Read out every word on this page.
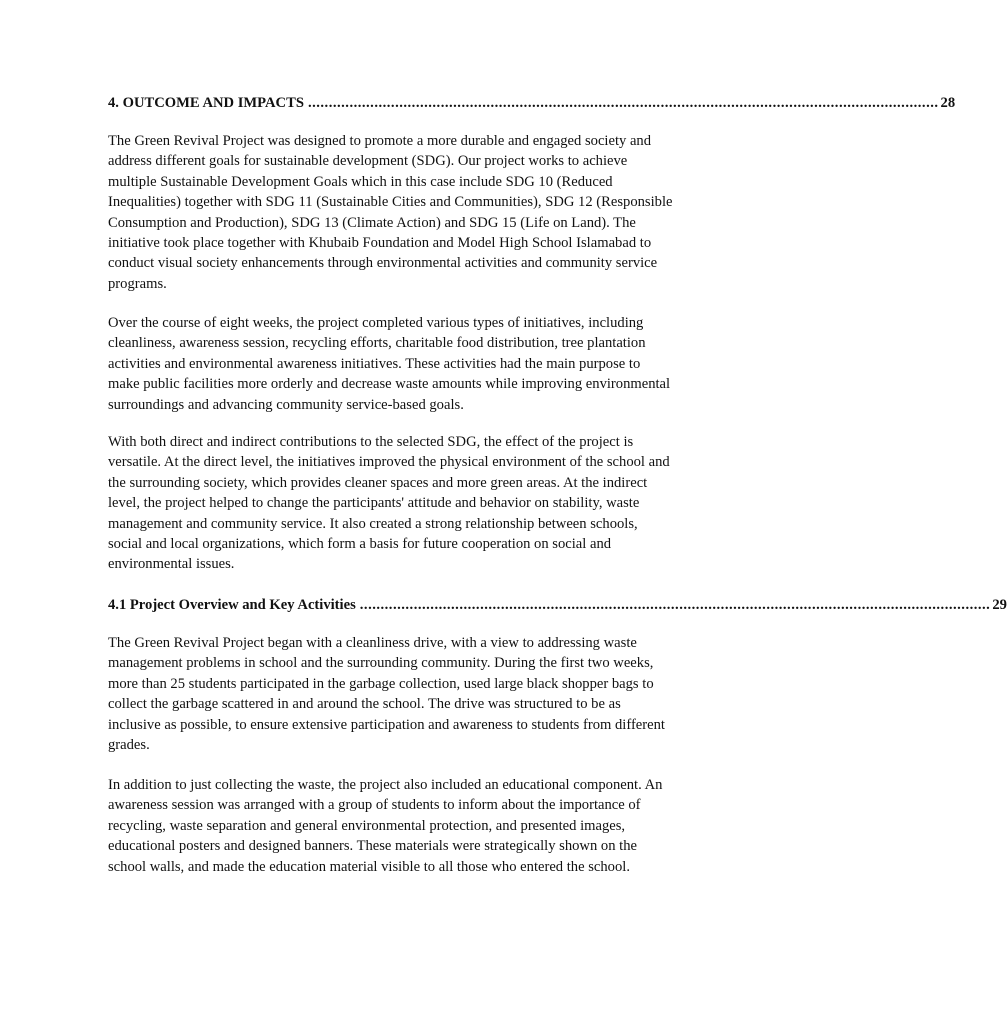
4. OUTCOME AND IMPACTS ........................................................................................................................................................ 28

The Green Revival Project was designed to promote a more durable and engaged society and address different goals for sustainable development (SDG). Our project works to achieve multiple Sustainable Development Goals which in this case include SDG 10 (Reduced Inequalities) together with SDG 11 (Sustainable Cities and Communities), SDG 12 (Responsible Consumption and Production), SDG 13 (Climate Action) and SDG 15 (Life on Land). The initiative took place together with Khubaib Foundation and Model High School Islamabad to conduct visual society enhancements through environmental activities and community service programs.

Over the course of eight weeks, the project completed various types of initiatives, including cleanliness, awareness session, recycling efforts, charitable food distribution, tree plantation activities and environmental awareness initiatives. These activities had the main purpose to make public facilities more orderly and decrease waste amounts while improving environmental surroundings and advancing community service-based goals.

With both direct and indirect contributions to the selected SDG, the effect of the project is versatile. At the direct level, the initiatives improved the physical environment of the school and the surrounding society, which provides cleaner spaces and more green areas. At the indirect level, the project helped to change the participants' attitude and behavior on stability, waste management and community service. It also created a strong relationship between schools, social and local organizations, which form a basis for future cooperation on social and environmental issues.

4.1 Project Overview and Key Activities ........................................................................................................................................................ 29

The Green Revival Project began with a cleanliness drive, with a view to addressing waste management problems in school and the surrounding community. During the first two weeks, more than 25 students participated in the garbage collection, used large black shopper bags to collect the garbage scattered in and around the school. The drive was structured to be as inclusive as possible, to ensure extensive participation and awareness to students from different grades.

In addition to just collecting the waste, the project also included an educational component. An awareness session was arranged with a group of students to inform about the importance of recycling, waste separation and general environmental protection, and presented images, educational posters and designed banners. These materials were strategically shown on the school walls, and made the education material visible to all those who entered the school.
